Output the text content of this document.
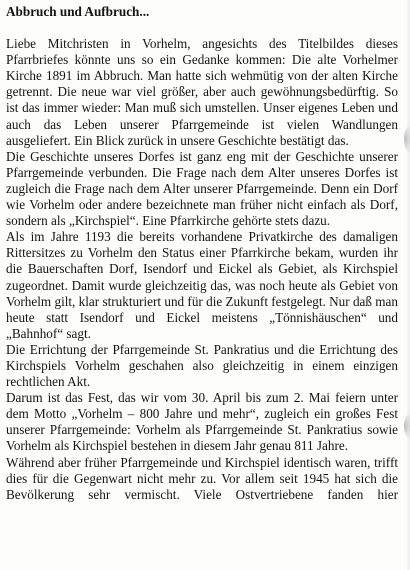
Abbruch und Aufbruch...

Liebe Mitchristen in Vorhelm, angesichts des Titelbildes dieses Pfarrbriefes könnte uns so ein Gedanke kommen: Die alte Vorhelmer Kirche 1891 im Abbruch. Man hatte sich wehmütig von der alten Kirche getrennt. Die neue war viel größer, aber auch gewöhnungsbedürftig. So ist das immer wieder: Man muß sich umstellen. Unser eigenes Leben und auch das Leben unserer Pfarrgemeinde ist vielen Wandlungen ausgeliefert. Ein Blick zurück in unsere Geschichte bestätigt das.

Die Geschichte unseres Dorfes ist ganz eng mit der Geschichte unserer Pfarrgemeinde verbunden. Die Frage nach dem Alter unseres Dorfes ist zugleich die Frage nach dem Alter unserer Pfarrgemeinde. Denn ein Dorf wie Vorhelm oder andere bezeichnete man früher nicht einfach als Dorf, sondern als „Kirchspiel“. Eine Pfarrkirche gehörte stets dazu.

Als im Jahre 1193 die bereits vorhandene Privatkirche des damaligen Rittersitzes zu Vorhelm den Status einer Pfarrkirche bekam, wurden ihr die Bauerschaften Dorf, Isendorf und Eickel als Gebiet, als Kirchspiel zugeordnet. Damit wurde gleichzeitig das, was noch heute als Gebiet von Vorhelm gilt, klar strukturiert und für die Zukunft festgelegt. Nur daß man heute statt Isendorf und Eickel meistens „Tönnishäuschen“ und „Bahnhof“ sagt.

Die Errichtung der Pfarrgemeinde St. Pankratius und die Errichtung des Kirchspiels Vorhelm geschahen also gleichzeitig in einem einzigen rechtlichen Akt.

Darum ist das Fest, das wir vom 30. April bis zum 2. Mai feiern unter dem Motto „Vorhelm – 800 Jahre und mehr“, zugleich ein großes Fest unserer Pfarrgemeinde: Vorhelm als Pfarrgemeinde St. Pankratius sowie Vorhelm als Kirchspiel bestehen in diesem Jahr genau 811 Jahre.

Während aber früher Pfarrgemeinde und Kirchspiel identisch waren, trifft dies für die Gegenwart nicht mehr zu. Vor allem seit 1945 hat sich die Bevölkerung sehr vermischt. Viele Ostvertriebene fanden hier
